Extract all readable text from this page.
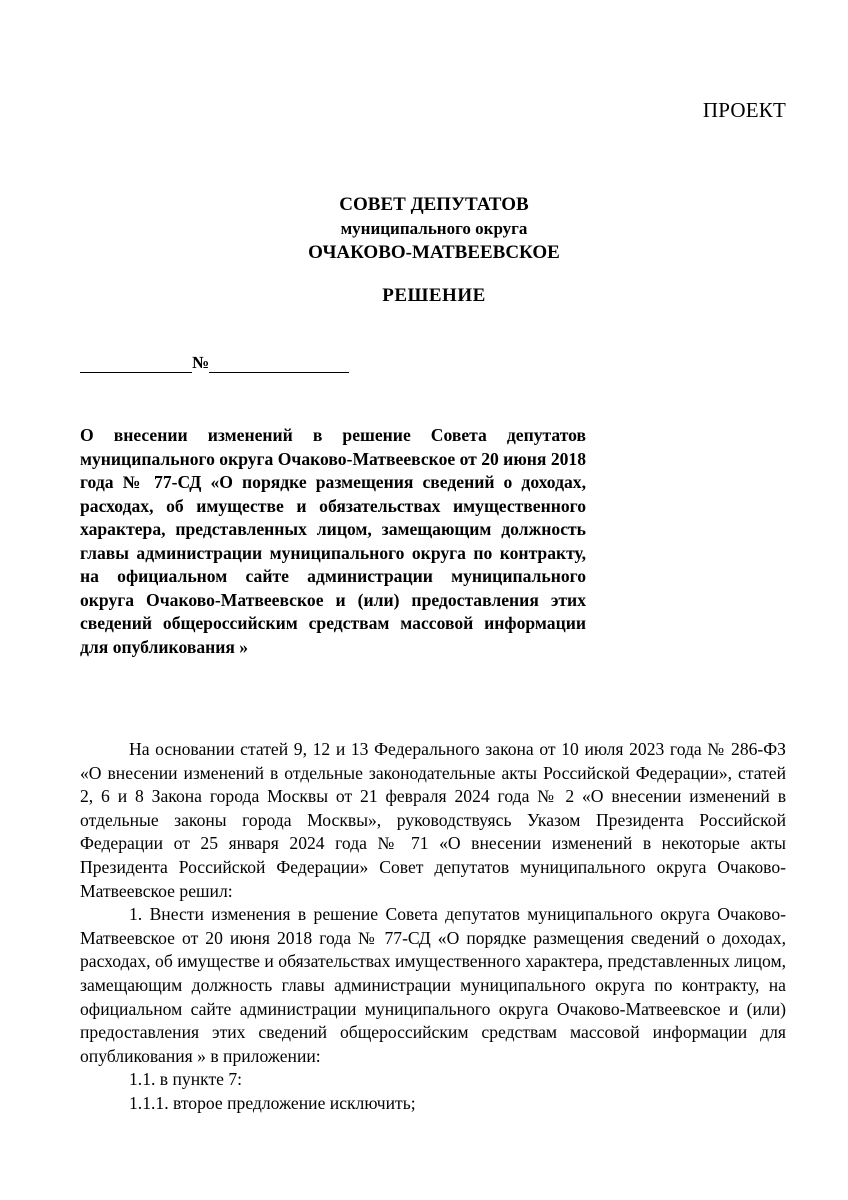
ПРОЕКТ
СОВЕТ ДЕПУТАТОВ
муниципального округа
ОЧАКОВО-МАТВЕЕВСКОЕ
РЕШЕНИЕ
№
О внесении изменений в решение Совета депутатов муниципального округа Очаково-Матвеевское от 20 июня 2018 года № 77-СД «О порядке размещения сведений о доходах, расходах, об имуществе и обязательствах имущественного характера, представленных лицом, замещающим должность главы администрации муниципального округа по контракту, на официальном сайте администрации муниципального округа Очаково-Матвеевское и (или) предоставления этих сведений общероссийским средствам массовой информации для опубликования »

На основании статей 9, 12 и 13 Федерального закона от 10 июля 2023 года № 286-ФЗ «О внесении изменений в отдельные законодательные акты Российской Федерации», статей 2, 6 и 8 Закона города Москвы от 21 февраля 2024 года № 2 «О внесении изменений в отдельные законы города Москвы», руководствуясь Указом Президента Российской Федерации от 25 января 2024 года № 71 «О внесении изменений в некоторые акты Президента Российской Федерации» Совет депутатов муниципального округа Очаково-Матвеевское решил:

1. Внести изменения в решение Совета депутатов муниципального округа Очаково-Матвеевское от 20 июня 2018 года № 77-СД «О порядке размещения сведений о доходах, расходах, об имуществе и обязательствах имущественного характера, представленных лицом, замещающим должность главы администрации муниципального округа по контракту, на официальном сайте администрации муниципального округа Очаково-Матвеевское и (или) предоставления этих сведений общероссийским средствам массовой информации для опубликования » в приложении:

1.1. в пункте 7:

1.1.1. второе предложение исключить;
